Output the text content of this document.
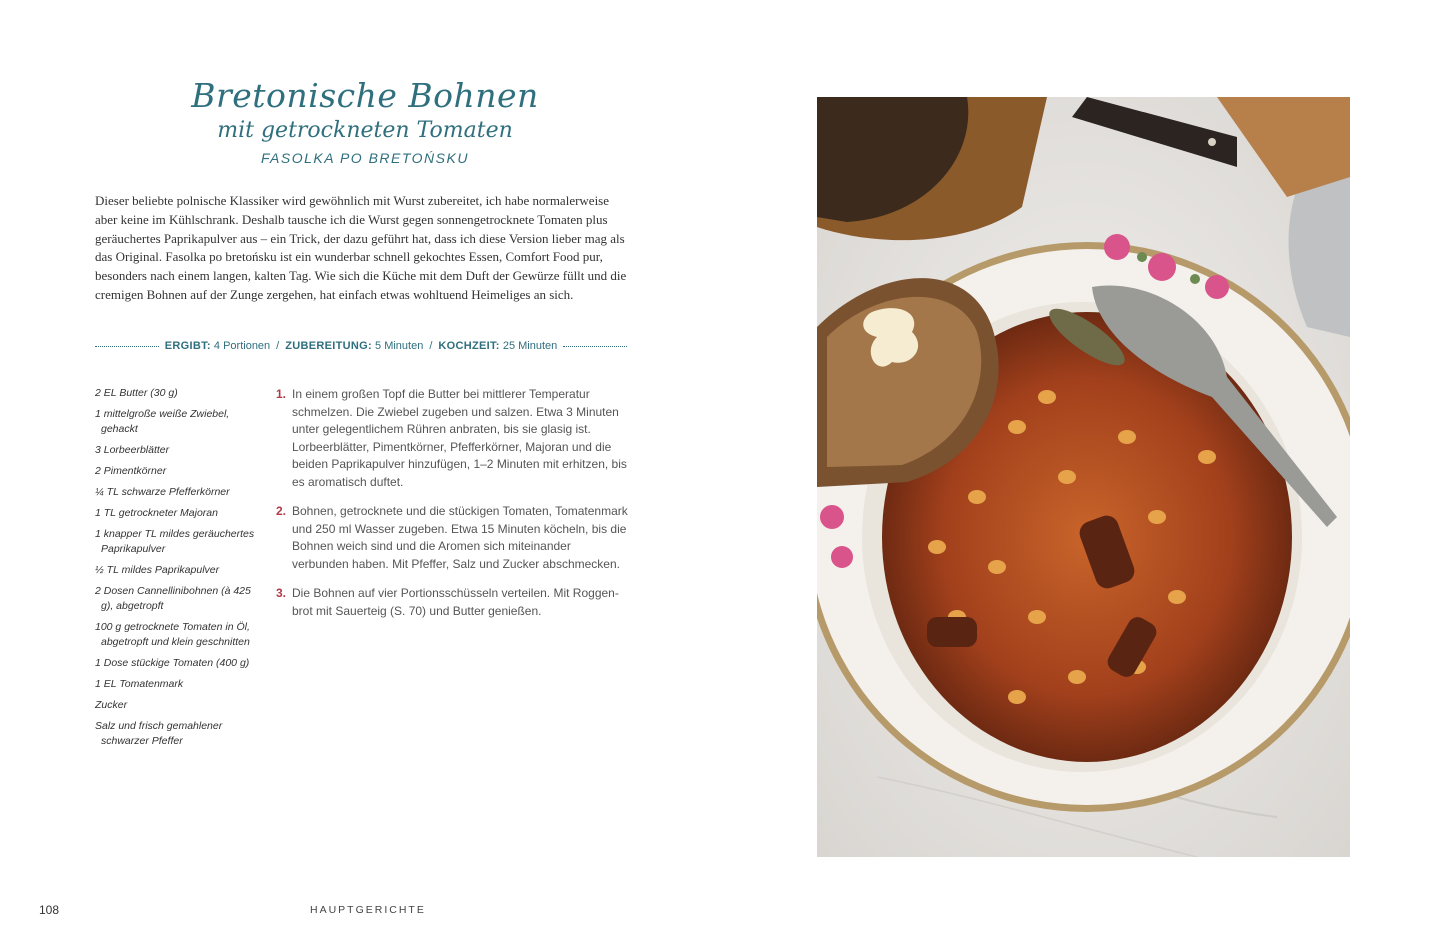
Bretonische Bohnen
mit getrockneten Tomaten
FASOLKA PO BRETOŃSKU

Dieser beliebte polnische Klassiker wird gewöhnlich mit Wurst zubereitet, ich habe normalerweise aber keine im Kühlschrank. Deshalb tausche ich die Wurst gegen sonnengetrocknete Tomaten plus geräuchertes Paprikapulver aus – ein Trick, der dazu geführt hat, dass ich diese Version lieber mag als das Original. Fasolka po bretońsku ist ein wunderbar schnell gekochtes Essen, Comfort Food pur, besonders nach einem langen, kalten Tag. Wie sich die Küche mit dem Duft der Gewürze füllt und die cremigen Bohnen auf der Zunge zergehen, hat einfach etwas wohltuend Heimeliges an sich.

ERGIBT:
4 Portionen / ZUBEREITUNG:
5 Minuten / KOCHZEIT:
25 Minuten
2 EL Butter (30 g)
1 mittelgroße weiße Zwiebel, gehackt
3 Lorbeerblätter
2 Pimentkörner
¼ TL schwarze Pfefferkörner
1 TL getrockneter Majoran
1 knapper TL mildes geräuchertes Paprikapulver
½ TL mildes Paprikapulver
2 Dosen Cannellinibohnen (à 425 g), abgetropft
100 g getrocknete Tomaten in Öl, abgetropft und klein geschnitten
1 Dose stückige Tomaten (400 g)
1 EL Tomatenmark
Zucker
Salz und frisch gemahlener schwarzer Pfeffer
1. In einem großen Topf die Butter bei mittlerer Temperatur schmelzen. Die Zwiebel zugeben und salzen. Etwa 3 Minuten unter gelegentlichem Rühren anbraten, bis sie glasig ist. Lorbeerblätter, Pimentkörner, Pfefferkörner, Majoran und die beiden Paprikapulver hinzufügen, 1–2 Minuten mit erhitzen, bis es aromatisch duftet.
2. Bohnen, getrocknete und die stückigen Tomaten, Tomatenmark und 250 ml Wasser zugeben. Etwa 15 Minuten köcheln, bis die Bohnen weich sind und die Aromen sich miteinander verbunden haben. Mit Pfeffer, Salz und Zucker abschmecken.
3. Die Bohnen auf vier Portionsschüsseln verteilen. Mit Roggenbrot mit Sauerteig (S. 70) und Butter genießen.
108	HAUPTGERICHTE
